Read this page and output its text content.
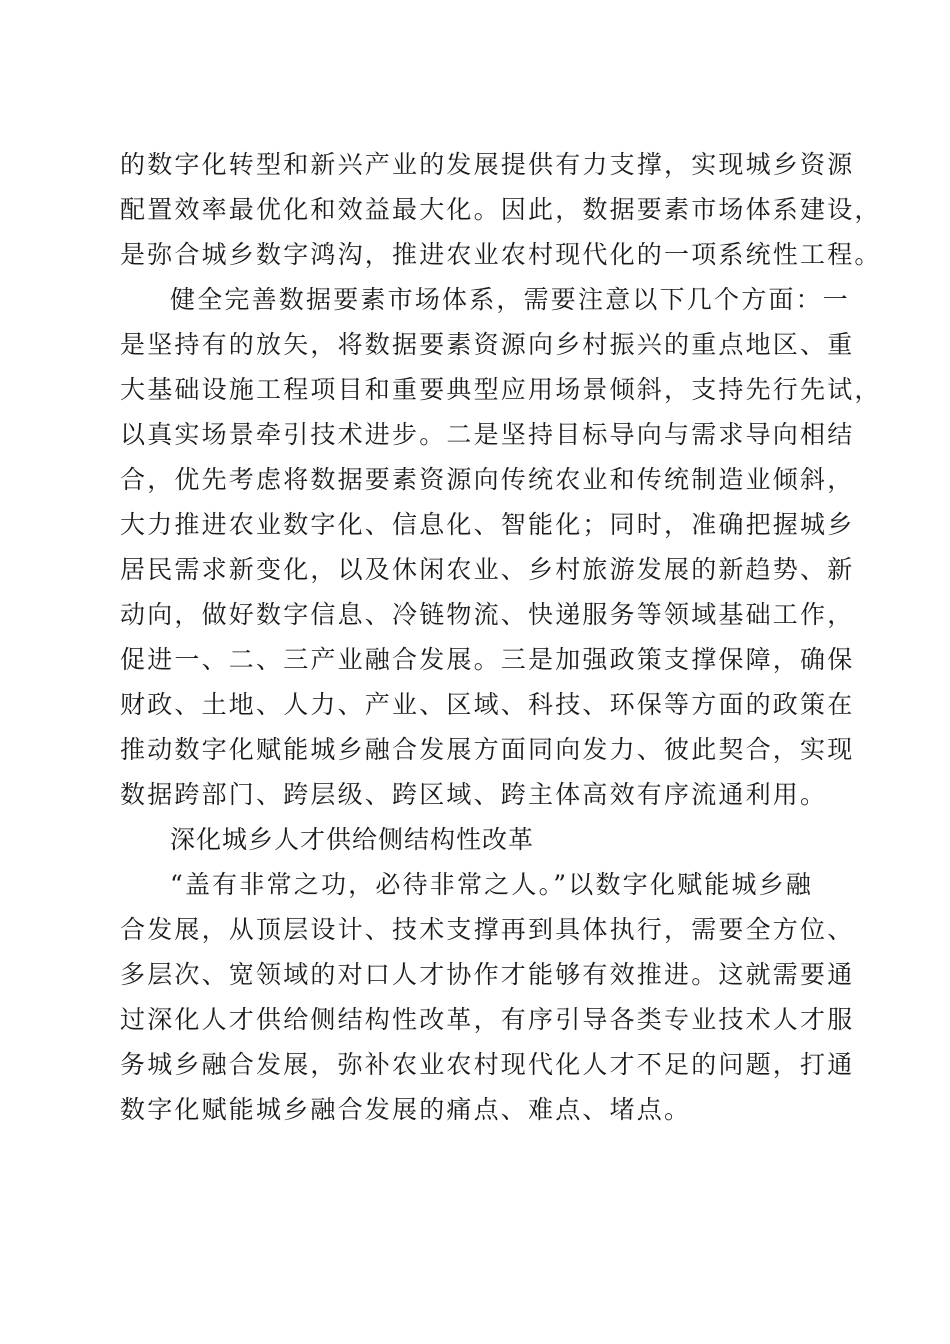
的数字化转型和新兴产业的发展提供有力支撑，实现城乡资源
配置效率最优化和效益最大化。因此，数据要素市场体系建设，
是弥合城乡数字鸿沟，推进农业农村现代化的一项系统性工程。
健全完善数据要素市场体系，需要注意以下几个方面：一
是坚持有的放矢，将数据要素资源向乡村振兴的重点地区、重
大基础设施工程项目和重要典型应用场景倾斜，支持先行先试，
以真实场景牵引技术进步。二是坚持目标导向与需求导向相结
合，优先考虑将数据要素资源向传统农业和传统制造业倾斜，
大力推进农业数字化、信息化、智能化；同时，准确把握城乡
居民需求新变化，以及休闲农业、乡村旅游发展的新趋势、新
动向，做好数字信息、冷链物流、快递服务等领域基础工作，
促进一、二、三产业融合发展。三是加强政策支撑保障，确保
财政、土地、人力、产业、区域、科技、环保等方面的政策在
推动数字化赋能城乡融合发展方面同向发力、彼此契合，实现
数据跨部门、跨层级、跨区域、跨主体高效有序流通利用。
深化城乡人才供给侧结构性改革
“盖有非常之功，必待非常之人。”以数字化赋能城乡融
合发展，从顶层设计、技术支撑再到具体执行，需要全方位、
多层次、宽领域的对口人才协作才能够有效推进。这就需要通
过深化人才供给侧结构性改革，有序引导各类专业技术人才服
务城乡融合发展，弥补农业农村现代化人才不足的问题，打通
数字化赋能城乡融合发展的痛点、难点、堵点。
